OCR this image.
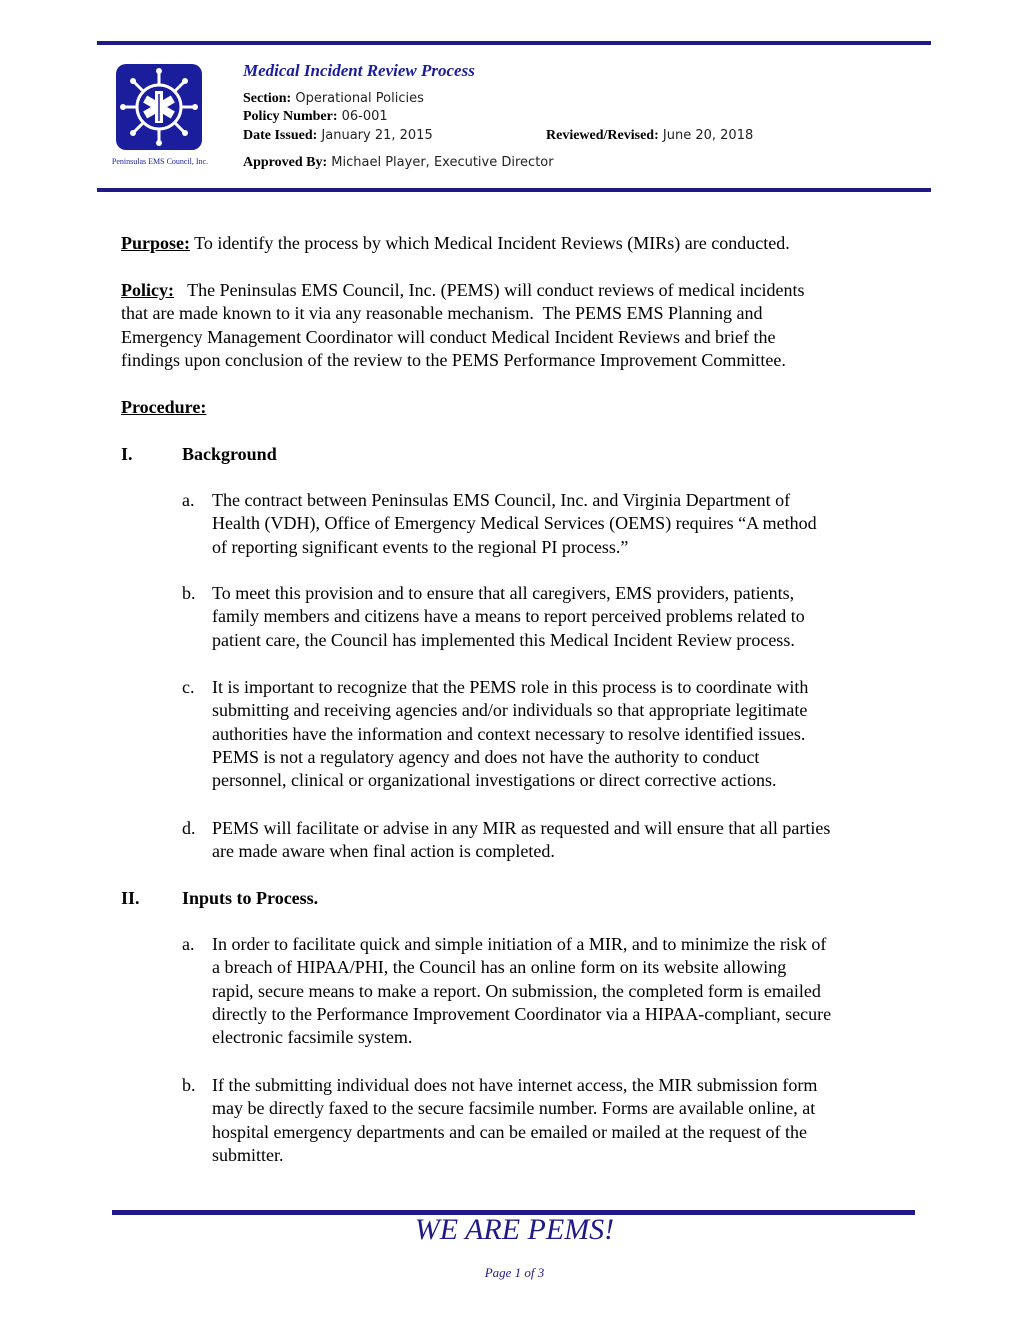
Peninsulas EMS Council, Inc.
Medical Incident Review Process
Section: Operational Policies
Policy Number: 06-001
Date Issued: January 21, 2015	Reviewed/Revised: June 20, 2018
Approved By: Michael Player, Executive Director
Purpose: To identify the process by which Medical Incident Reviews (MIRs) are conducted.
Policy:   The Peninsulas EMS Council, Inc. (PEMS) will conduct reviews of medical incidents
that are made known to it via any reasonable mechanism.  The PEMS EMS Planning and
Emergency Management Coordinator will conduct Medical Incident Reviews and brief the
findings upon conclusion of the review to the PEMS Performance Improvement Committee.
Procedure:
I.	Background
a. The contract between Peninsulas EMS Council, Inc. and Virginia Department of
Health (VDH), Office of Emergency Medical Services (OEMS) requires “A method
of reporting significant events to the regional PI process.”
b. To meet this provision and to ensure that all caregivers, EMS providers, patients,
family members and citizens have a means to report perceived problems related to
patient care, the Council has implemented this Medical Incident Review process.
c. It is important to recognize that the PEMS role in this process is to coordinate with
submitting and receiving agencies and/or individuals so that appropriate legitimate
authorities have the information and context necessary to resolve identified issues.
PEMS is not a regulatory agency and does not have the authority to conduct
personnel, clinical or organizational investigations or direct corrective actions.
d. PEMS will facilitate or advise in any MIR as requested and will ensure that all parties
are made aware when final action is completed.
II. Inputs to Process.
a. In order to facilitate quick and simple initiation of a MIR, and to minimize the risk of
a breach of HIPAA/PHI, the Council has an online form on its website allowing
rapid, secure means to make a report. On submission, the completed form is emailed
directly to the Performance Improvement Coordinator via a HIPAA-compliant, secure
electronic facsimile system.
b. If the submitting individual does not have internet access, the MIR submission form
may be directly faxed to the secure facsimile number. Forms are available online, at
hospital emergency departments and can be emailed or mailed at the request of the
submitter.
WE ARE PEMS!
Page 1 of 3
